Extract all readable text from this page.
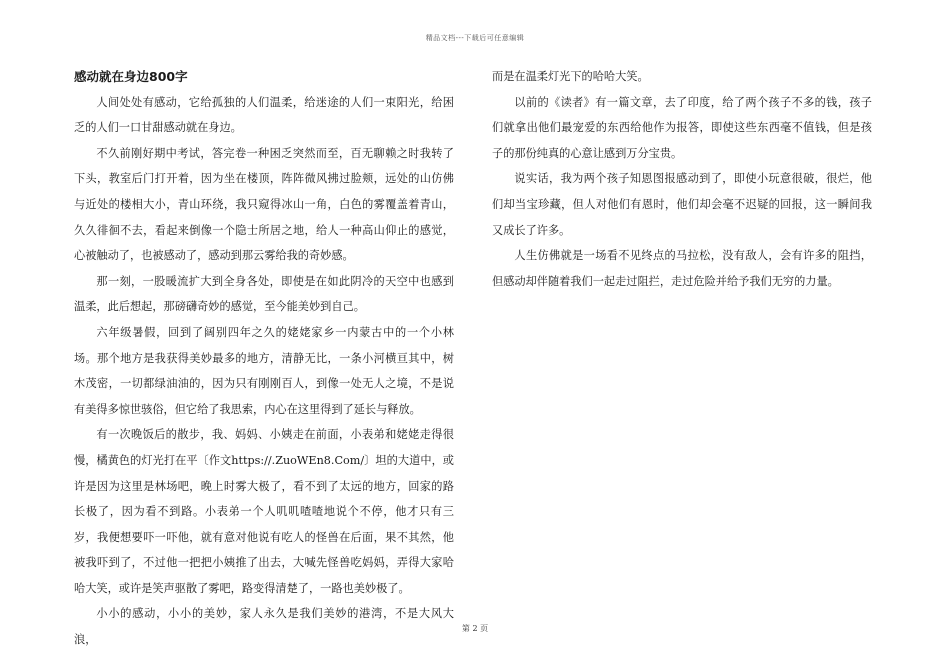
精品文档---下载后可任意编辑

感动就在身边800字

人间处处有感动，它给孤独的人们温柔，给迷途的人们一束阳光，给困乏的人们一口甘甜感动就在身边。

不久前刚好期中考试，答完卷一种困乏突然而至，百无聊赖之时我转了下头，教室后门打开着，因为坐在楼顶，阵阵微风拂过脸颊，远处的山仿佛与近处的楼相大小，青山环绕，我只窥得冰山一角，白色的雾覆盖着青山，久久徘徊不去，看起来倒像一个隐士所居之地，给人一种高山仰止的感觉，心被触动了，也被感动了，感动到那云雾给我的奇妙感。

那一刻，一股暖流扩大到全身各处，即使是在如此阴冷的天空中也感到温柔，此后想起，那磅礴奇妙的感觉，至今能美妙到自己。

六年级暑假，回到了阔别四年之久的姥姥家乡一内蒙古中的一个小林场。那个地方是我获得美妙最多的地方，清静无比，一条小河横亘其中，树木茂密，一切都绿油油的，因为只有刚刚百人，到像一处无人之境，不是说有美得多惊世骇俗，但它给了我思索，内心在这里得到了延长与释放。

有一次晚饭后的散步，我、妈妈、小姨走在前面，小表弟和姥姥走得很慢，橘黄色的灯光打在平〔作文https://.ZuoWEn8.Com/〕坦的大道中，或许是因为这里是林场吧，晚上时雾大极了，看不到了太远的地方，回家的路长极了，因为看不到路。小表弟一个人叽叽喳喳地说个不停，他才只有三岁，我便想要吓一吓他，就有意对他说有吃人的怪兽在后面，果不其然，他被我吓到了，不过他一把把小姨推了出去，大喊先怪兽吃妈妈，弄得大家哈哈大笑，或许是笑声驱散了雾吧，路变得清楚了，一路也美妙极了。

小小的感动，小小的美妙，家人永久是我们美妙的港湾，不是大风大浪，

而是在温柔灯光下的哈哈大笑。

以前的《读者》有一篇文章，去了印度，给了两个孩子不多的钱，孩子们就拿出他们最宠爱的东西给他作为报答，即使这些东西毫不值钱，但是孩子的那份纯真的心意让感到万分宝贵。

说实话，我为两个孩子知恩图报感动到了，即使小玩意很破，很烂，他们却当宝珍藏，但人对他们有恩时，他们却会毫不迟疑的回报，这一瞬间我又成长了许多。

人生仿佛就是一场看不见终点的马拉松，没有敌人，会有许多的阻挡，但感动却伴随着我们一起走过阻拦，走过危险并给予我们无穷的力量。

第 2 页
